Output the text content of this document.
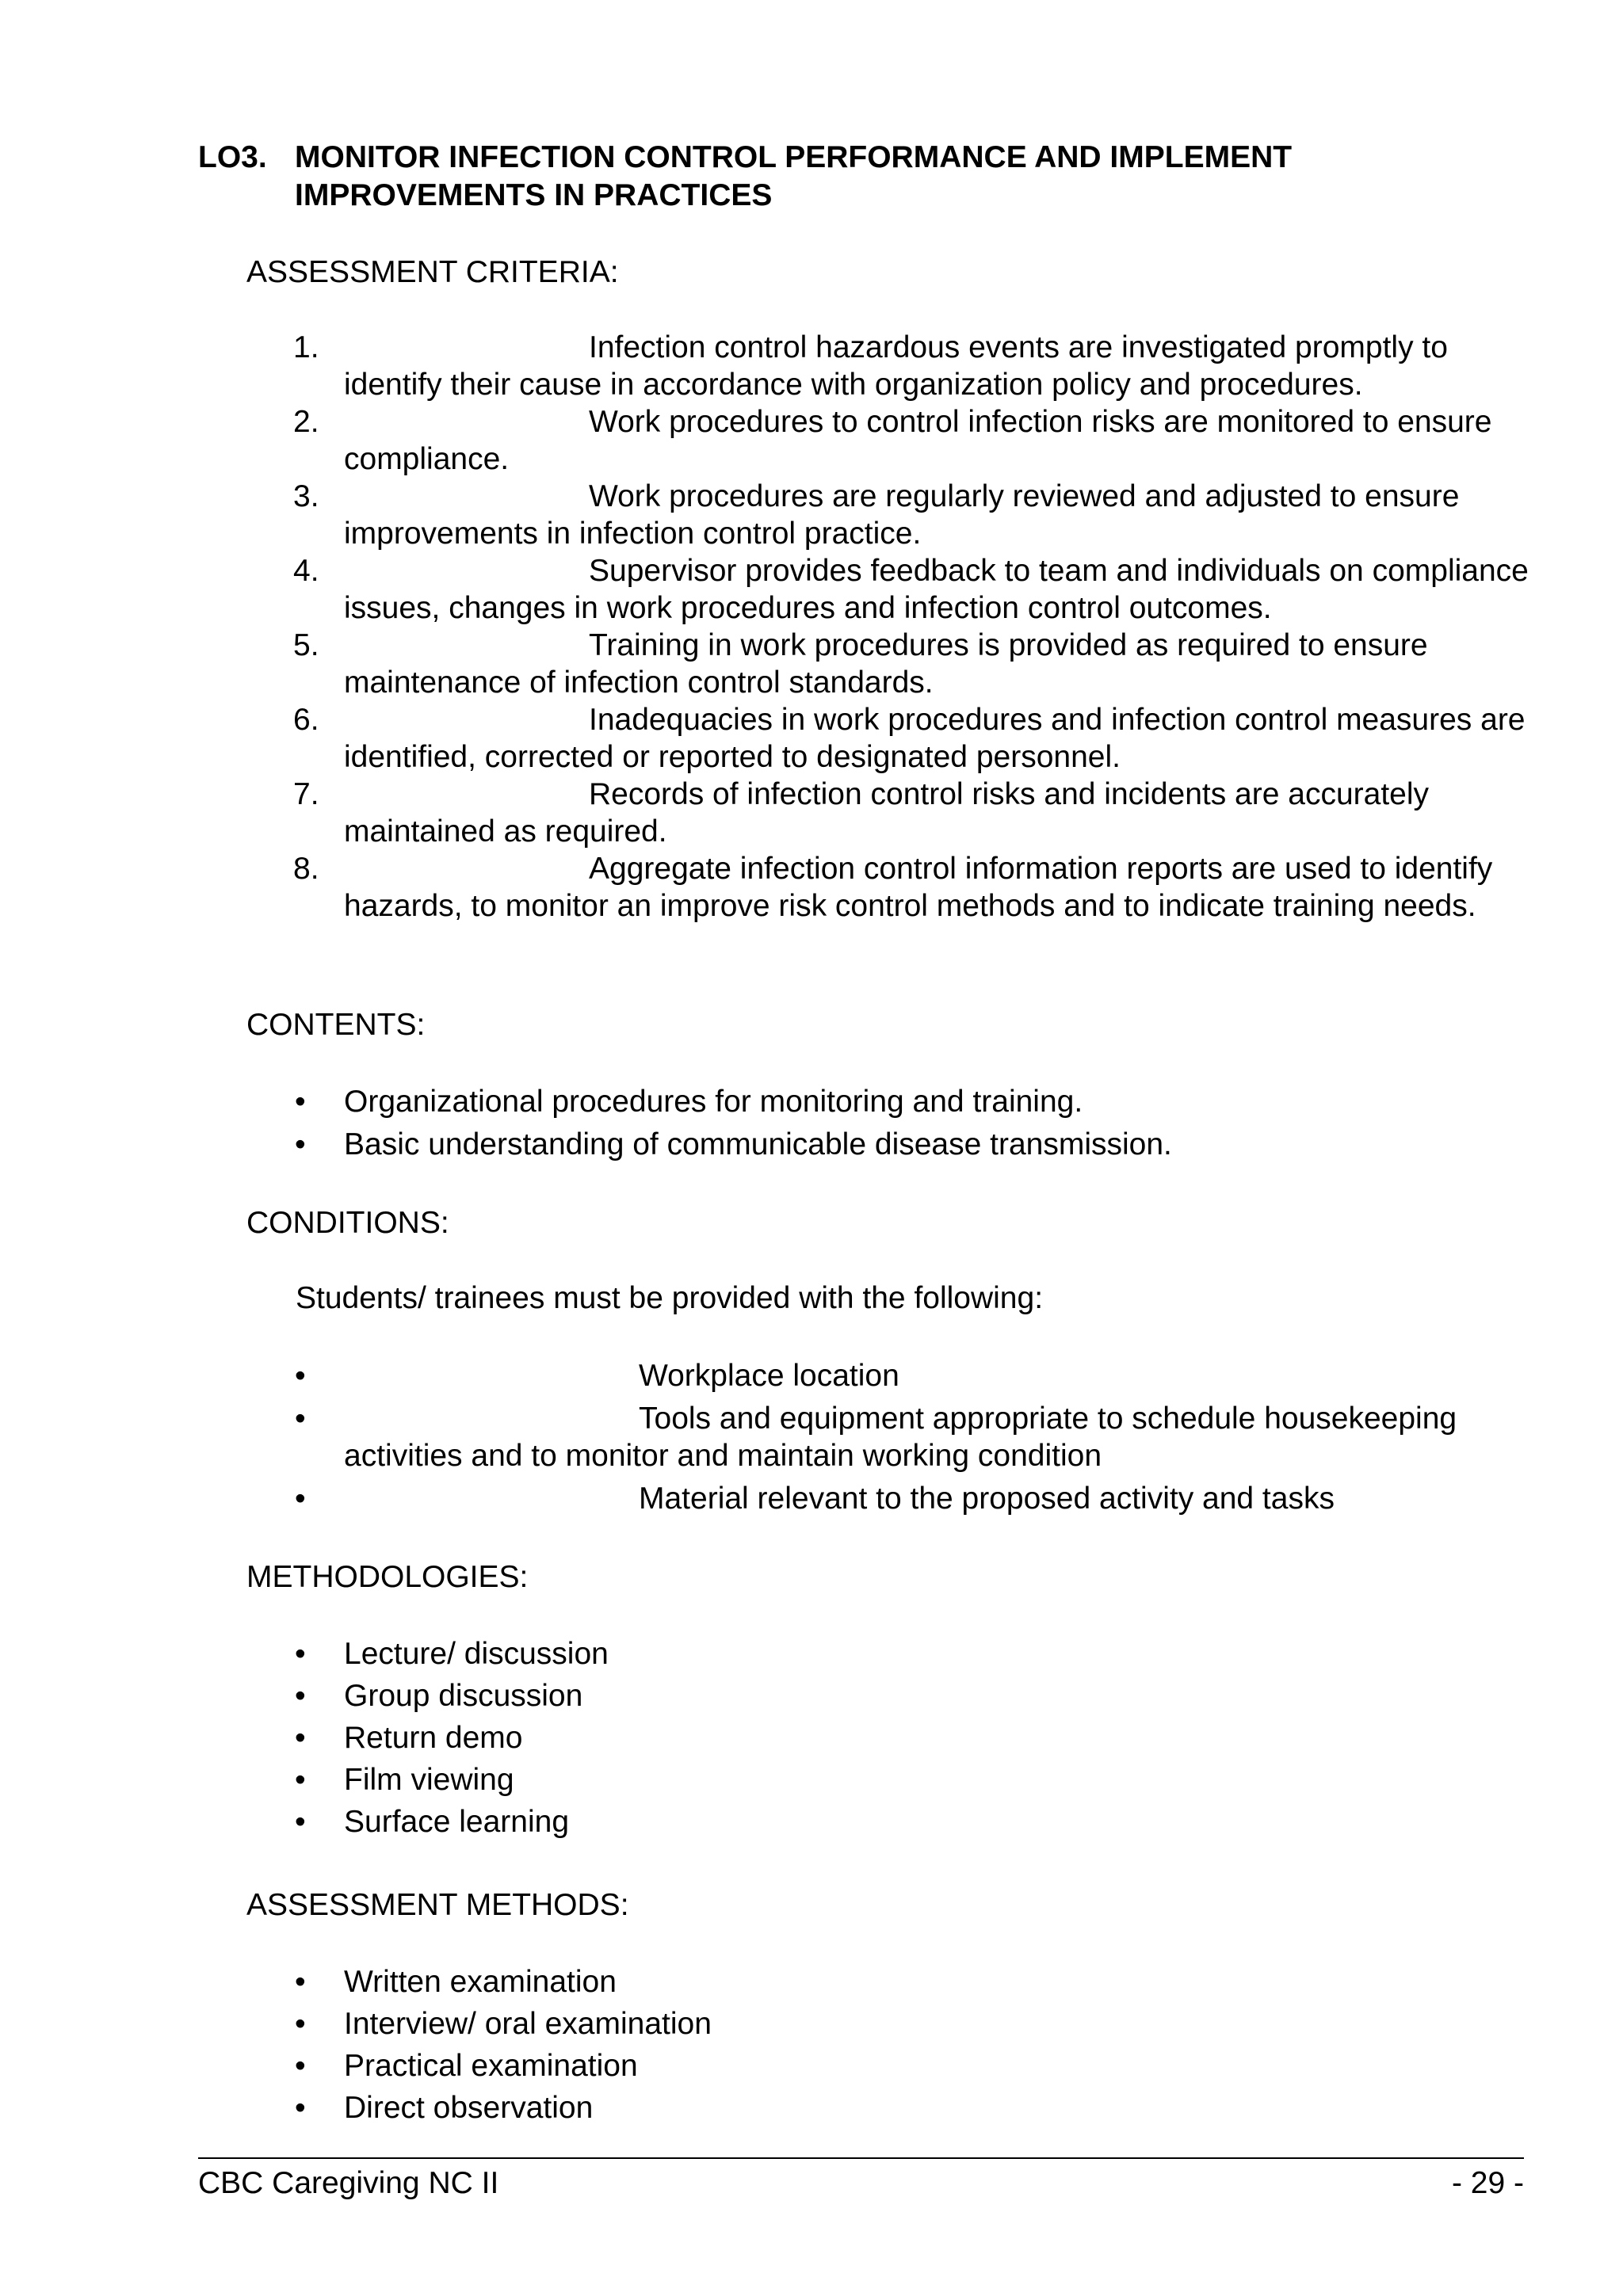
LO3. MONITOR INFECTION CONTROL PERFORMANCE AND IMPLEMENT
IMPROVEMENTS IN PRACTICES
ASSESSMENT CRITERIA:
1.	Infection control hazardous events are investigated promptly to identify their cause in accordance with organization policy and procedures.
2.	Work procedures to control infection risks are monitored to ensure compliance.
3.	Work procedures are regularly reviewed and adjusted to ensure improvements in infection control practice.
4.	Supervisor provides feedback to team and individuals on compliance issues, changes in work procedures and infection control outcomes.
5.	Training in work procedures is provided as required to ensure maintenance of infection control standards.
6.	Inadequacies in work procedures and infection control measures are identified, corrected or reported to designated personnel.
7.	Records of infection control risks and incidents are accurately maintained as required.
8.	Aggregate infection control information reports are used to identify hazards, to monitor an improve risk control methods and to indicate training needs.
CONTENTS:
• Organizational procedures for monitoring and training.
• Basic understanding of communicable disease transmission.
CONDITIONS:
Students/ trainees must be provided with the following:
•	Workplace location
•	Tools and equipment appropriate to schedule housekeeping activities and to monitor and maintain working condition
•	Material relevant to the proposed activity and tasks
METHODOLOGIES:
• Lecture/ discussion
• Group discussion
• Return demo
• Film viewing
• Surface learning
ASSESSMENT METHODS:
• Written examination
• Interview/ oral examination
• Practical examination
• Direct observation
CBC Caregiving NC II	- 29 -
